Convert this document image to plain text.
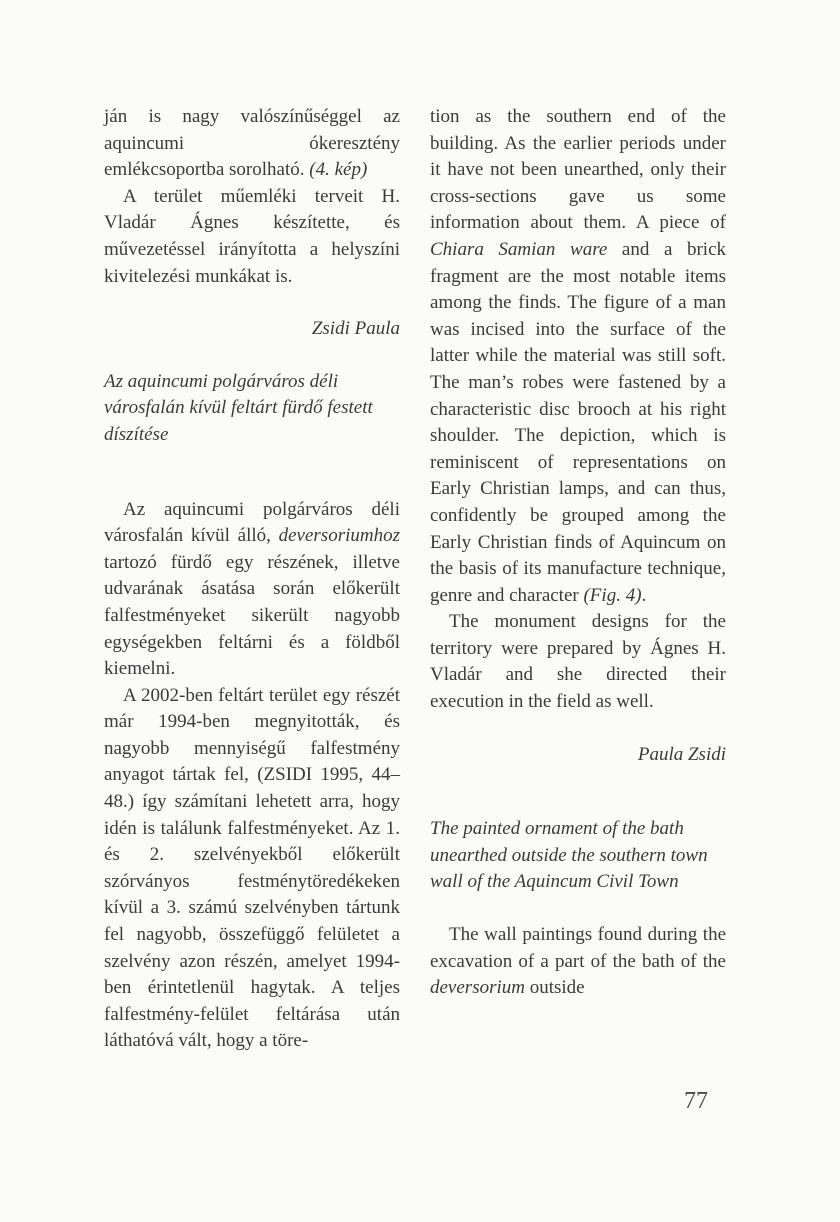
ján is nagy valószínűséggel az aquincumi ókeresztény emlékcsoportba sorolható. (4. kép)

A terület műemléki terveit H. Vladár Ágnes készítette, és művezetéssel irányította a helyszíni kivitelezési munkákat is.

Zsidi Paula

Az aquincumi polgárváros déli városfalán kívül feltárt fürdő festett díszítése

Az aquincumi polgárváros déli városfalán kívül álló, deversoriumhoz tartozó fürdő egy részének, illetve udvarának ásatása során előkerült falfestményeket sikerült nagyobb egységekben feltárni és a földből kiemelni.

A 2002-ben feltárt terület egy részét már 1994-ben megnyitották, és nagyobb mennyiségű falfestmény anyagot tártak fel, (ZSIDI 1995, 44–48.) így számítani lehetett arra, hogy idén is találunk falfestményeket. Az 1. és 2. szelvényekből előkerült szórványos festménytöredékeken kívül a 3. számú szelvényben tártunk fel nagyobb, összefüggő felületet a szelvény azon részén, amelyet 1994-ben érintetlenül hagytak. A teljes falfestmény-felület feltárása után láthatóvá vált, hogy a töre-

tion as the southern end of the building. As the earlier periods under it have not been unearthed, only their cross-sections gave us some information about them. A piece of Chiara Samian ware and a brick fragment are the most notable items among the finds. The figure of a man was incised into the surface of the latter while the material was still soft. The man’s robes were fastened by a characteristic disc brooch at his right shoulder. The depiction, which is reminiscent of representations on Early Christian lamps, and can thus, confidently be grouped among the Early Christian finds of Aquincum on the basis of its manufacture technique, genre and character (Fig. 4).

The monument designs for the territory were prepared by Ágnes H. Vladár and she directed their execution in the field as well.

Paula Zsidi

The painted ornament of the bath unearthed outside the southern town wall of the Aquincum Civil Town

The wall paintings found during the excavation of a part of the bath of the deversorium outside

77
